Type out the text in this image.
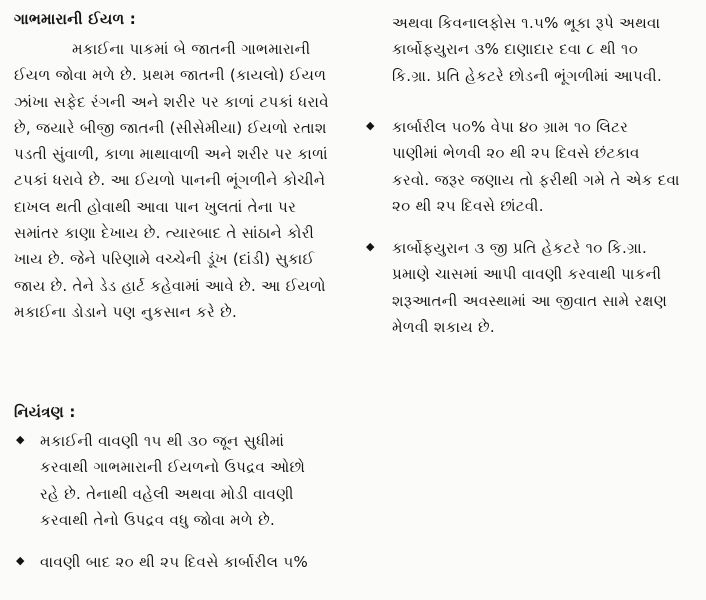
ગાભમારાની ઈયળ :
મકાઈના પાકમાં બે જાતની ગાભમારાની
ઈયળ જોવા મળે છે. પ્રથમ જાતની (કાયલો) ઈયળ
ઝાંખા સફેદ રંગની અને શરીર પર કાળાં ટપકાં ધરાવે
છે, જયારે બીજી જાતની (સીસેમીયા) ઈયળો રતાશ
પડતી સુંવાળી, કાળા માથાવાળી અને શરીર પર કાળાં
ટપકાં ધરાવે છે. આ ઈયળો પાનની ભૂંગળીને કોચીને
દાખલ થતી હોવાથી આવા પાન ખુલતાં તેના પર
સમાંતર કાણા દેખાય છે. ત્યારબાદ તે સાંઠાને કોરી
ખાય છે. જેને પરિણામે વચ્ચેની ડૂંખ (દાંડી) સુકાઈ
જાય છે. તેને ડેડ હાર્ટ કહેવામાં આવે છે. આ ઈયળો
મકાઈના ડોડાને પણ નુકસાન કરે છે.
નિયંત્રણ :
◆ મકાઈની વાવણી ૧૫ થી ૩૦ જૂન સુધીમાં
કરવાથી ગાભમારાની ઈયળનો ઉપદ્રવ ઓછો
રહે છે. તેનાથી વહેલી અથવા મોડી વાવણી
કરવાથી તેનો ઉપદ્રવ વધુ જોવા મળે છે.
◆ વાવણી બાદ ૨૦ થી ૨૫ દિવસે કાર્બારીલ ૫%
અથવા કિવનાલફોસ ૧.૫% ભૂકા રૂપે અથવા
કાર્બોફયુરાન ૩% દાણાદાર દવા ૮ થી ૧૦
કિ.ગ્રા. પ્રતિ હેકટરે છોડની ભૂંગળીમાં આપવી.
◆ કાર્બારીલ ૫૦% વેપા ૪૦ ગ્રામ ૧૦ લિટર
પાણીમાં ભેળવી ૨૦ થી ૨૫ દિવસે છંટકાવ
કરવો. જરૂર જણાય તો ફરીથી ગમે તે એક દવા
૨૦ થી ૨૫ દિવસે છાંટવી.
◆ કાર્બોફયુરાન ૩ જી પ્રતિ હેકટરે ૧૦ કિ.ગ્રા.
પ્રમાણે ચાસમાં આપી વાવણી કરવાથી પાકની
શરૂઆતની અવસ્થામાં આ જીવાત સામે રક્ષણ
મેળવી શકાય છે.
